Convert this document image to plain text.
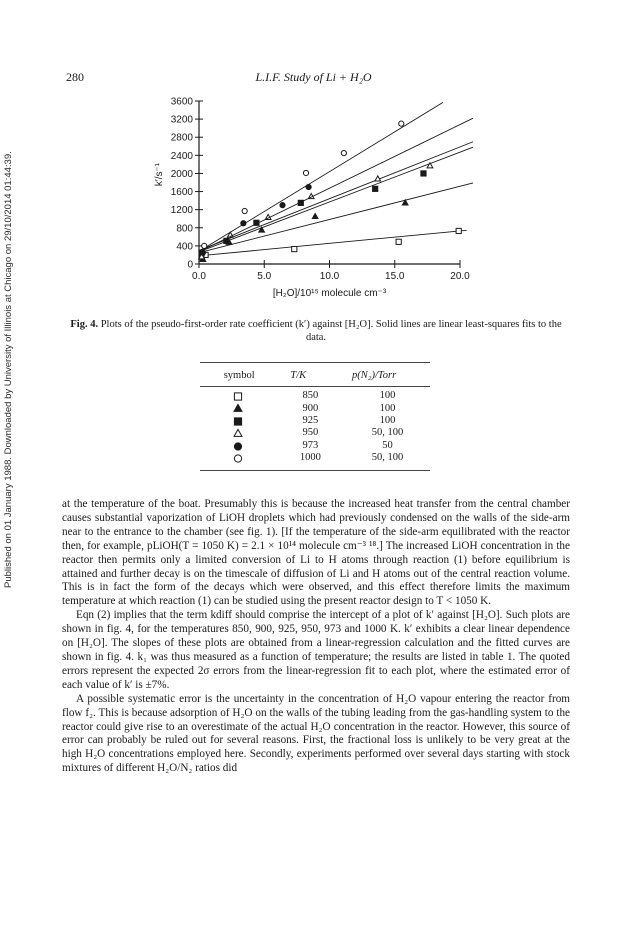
Published on 01 January 1988. Downloaded by University of Illinois at Chicago on 29/10/2014 01:44:39.
280	L.I.F. Study of Li + H₂O
0
400
800
1200
1600
2000
2400
2800
3200
3600
0.0	5.0	10.0	15.0	20.0
[H₂O]/10¹⁵ molecule cm⁻³
k′/s⁻¹
Fig. 4. Plots of the pseudo-first-order rate coefficient (k′) against [H₂O]. Solid lines are linear least-squares fits to the data.
symbol	T/K	p(N₂)/Torr
	850	100
	900	100
	925	100
	950	50, 100
	973	50
	1000	50, 100

at the temperature of the boat. Presumably this is because the increased heat transfer from the central chamber causes substantial vaporization of LiOH droplets which had previously condensed on the walls of the side-arm near to the entrance to the chamber (see fig. 1). [If the temperature of the side-arm equilibrated with the reactor then, for example, pLiOH(T = 1050 K) = 2.1 × 10¹⁴ molecule cm⁻³ ¹⁸.] The increased LiOH concentration in the reactor then permits only a limited conversion of Li to H atoms through reaction (1) before equilibrium is attained and further decay is on the timescale of diffusion of Li and H atoms out of the central reaction volume. This is in fact the form of the decays which were observed, and this effect therefore limits the maximum temperature at which reaction (1) can be studied using the present reactor design to T < 1050 K.

Eqn (2) implies that the term kdiff should comprise the intercept of a plot of k′ against [H₂O]. Such plots are shown in fig. 4, for the temperatures 850, 900, 925, 950, 973 and 1000 K. k′ exhibits a clear linear dependence on [H₂O]. The slopes of these plots are obtained from a linear-regression calculation and the fitted curves are shown in fig. 4. k₁ was thus measured as a function of temperature; the results are listed in table 1. The quoted errors represent the expected 2σ errors from the linear-regression fit to each plot, where the estimated error of each value of k′ is ±7%.

A possible systematic error is the uncertainty in the concentration of H₂O vapour entering the reactor from flow f₂. This is because adsorption of H₂O on the walls of the tubing leading from the gas-handling system to the reactor could give rise to an overestimate of the actual H₂O concentration in the reactor. However, this source of error can probably be ruled out for several reasons. First, the fractional loss is unlikely to be very great at the high H₂O concentrations employed here. Secondly, experiments performed over several days starting with stock mixtures of different H₂O/N₂ ratios did
